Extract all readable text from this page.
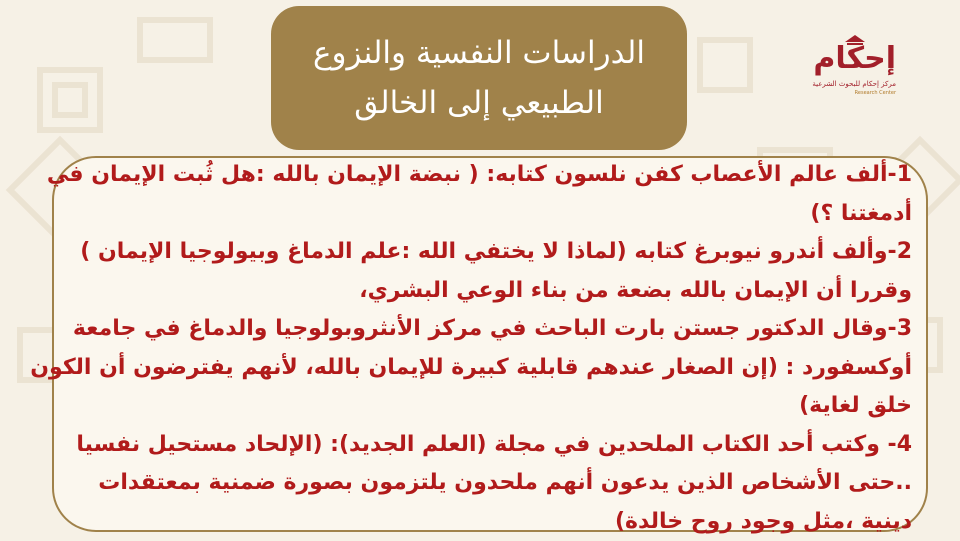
الدراسات النفسية والنزوع
الطبيعي إلى الخالق
إحكام
مركز إحكام للبحوث الشرعية
Research Center

1-ألف عالم الأعصاب كفن نلسون كتابه: ( نبضة الإيمان بالله :هل ثُبت الإيمان في
أدمغتنا ؟)

2-وألف أندرو نيوبرغ كتابه (لماذا لا يختفي الله :علم الدماغ وبيولوجيا الإيمان )
وقررا أن الإيمان بالله بضعة من بناء الوعي البشري،

3-وقال الدكتور جستن بارت الباحث في مركز الأنثروبولوجيا والدماغ في جامعة
أوكسفورد : (إن الصغار عندهم قابلية كبيرة للإيمان بالله، لأنهم يفترضون أن الكون
خلق لغاية)

4- وكتب أحد الكتاب الملحدين في مجلة (العلم الجديد): (الإلحاد مستحيل نفسيا
..حتى الأشخاص الذين يدعون أنهم ملحدون يلتزمون بصورة ضمنية بمعتقدات
دينية ،مثل وجود روح خالدة)
